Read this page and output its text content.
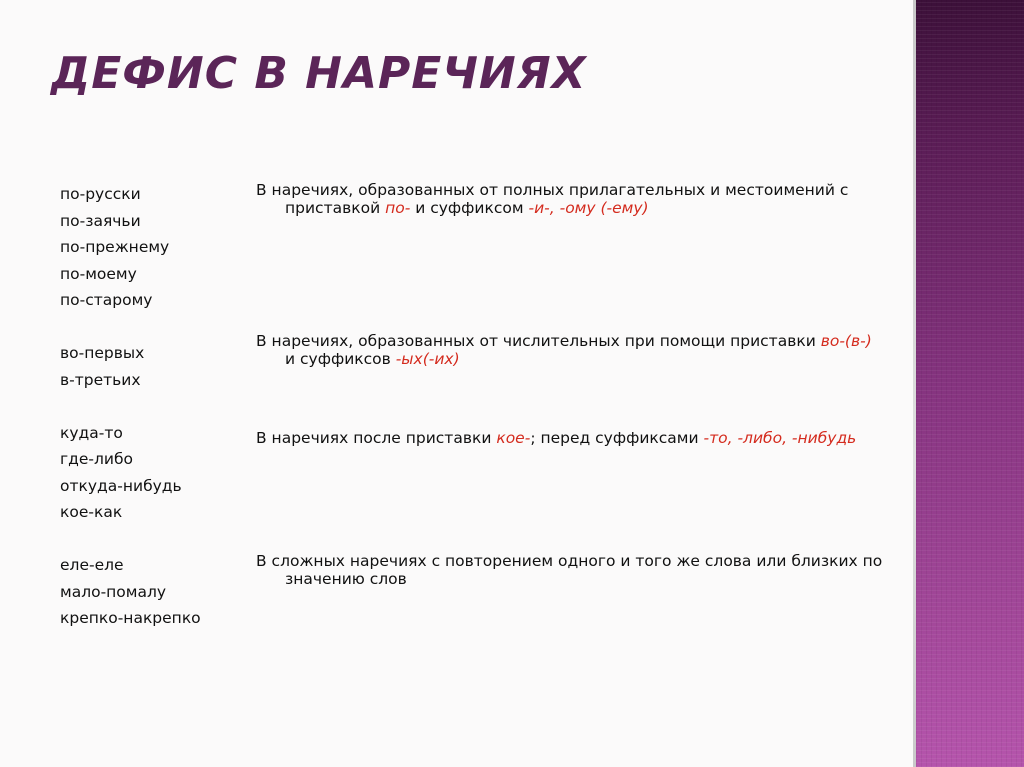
ДЕФИС В НАРЕЧИЯХ
по-русски
по-заячьи
по-прежнему
по-моему
по-старому
во-первых
в-третьих
куда-то
где-либо
откуда-нибудь
кое-как
еле-еле
мало-помалу
крепко-накрепко
В наречиях, образованных от полных прилагательных и местоимений с приставкой по- и суффиксом -и-, -ому (-ему)
В наречиях, образованных от числительных при помощи приставки во-(в-) и суффиксов -ых(-их)
В наречиях после приставки кое-; перед суффиксами -то, -либо, -нибудь
В сложных наречиях с повторением одного и того же слова или близких по значению слов
